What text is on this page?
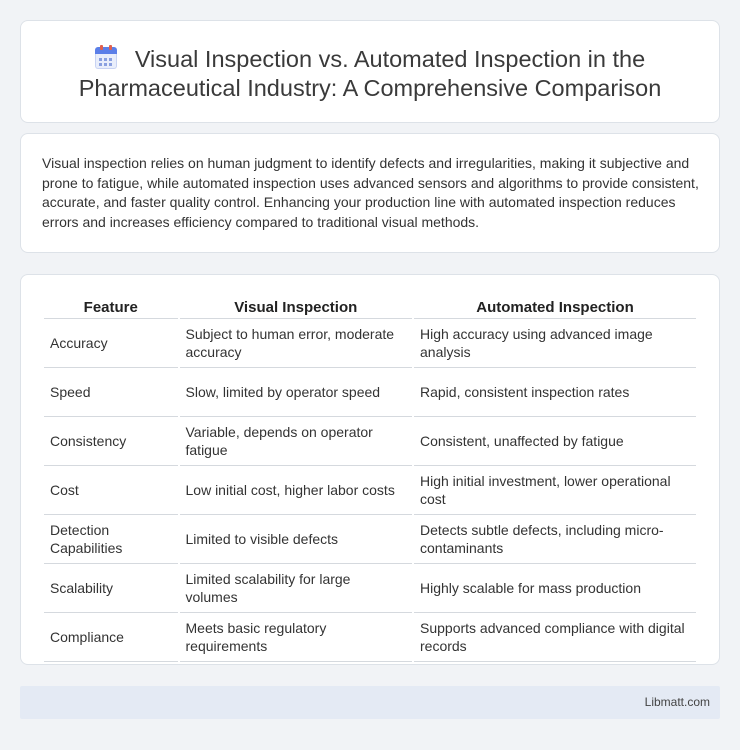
Visual Inspection vs. Automated Inspection in the Pharmaceutical Industry: A Comprehensive Comparison

Visual inspection relies on human judgment to identify defects and irregularities, making it subjective and prone to fatigue, while automated inspection uses advanced sensors and algorithms to provide consistent, accurate, and faster quality control. Enhancing your production line with automated inspection reduces errors and increases efficiency compared to traditional visual methods.

Feature	Visual Inspection	Automated Inspection
Accuracy	Subject to human error, moderate accuracy	High accuracy using advanced image analysis
Speed	Slow, limited by operator speed	Rapid, consistent inspection rates
Consistency	Variable, depends on operator fatigue	Consistent, unaffected by fatigue
Cost	Low initial cost, higher labor costs	High initial investment, lower operational cost
Detection Capabilities	Limited to visible defects	Detects subtle defects, including micro-contaminants
Scalability	Limited scalability for large volumes	Highly scalable for mass production
Compliance	Meets basic regulatory requirements	Supports advanced compliance with digital records
Libmatt.com
